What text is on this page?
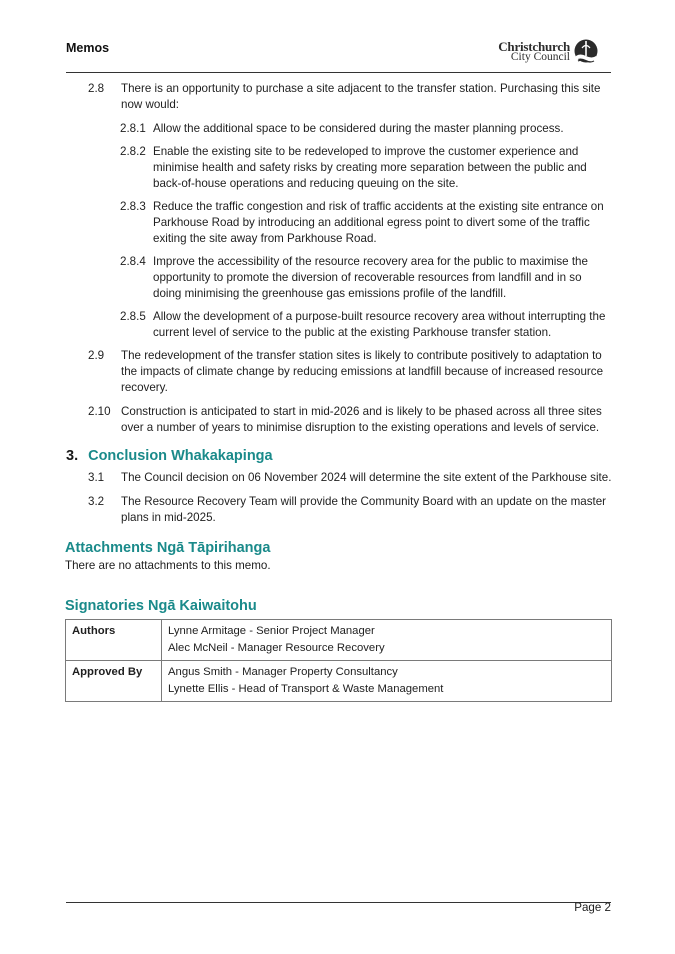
Memos	Christchurch
City Council
2.8 There is an opportunity to purchase a site adjacent to the transfer station. Purchasing this site now would:
2.8.1 Allow the additional space to be considered during the master planning process.
2.8.2 Enable the existing site to be redeveloped to improve the customer experience and minimise health and safety risks by creating more separation between the public and back-of-house operations and reducing queuing on the site.
2.8.3 Reduce the traffic congestion and risk of traffic accidents at the existing site entrance on Parkhouse Road by introducing an additional egress point to divert some of the traffic exiting the site away from Parkhouse Road.
2.8.4 Improve the accessibility of the resource recovery area for the public to maximise the opportunity to promote the diversion of recoverable resources from landfill and in so doing minimising the greenhouse gas emissions profile of the landfill.
2.8.5 Allow the development of a purpose-built resource recovery area without interrupting the current level of service to the public at the existing Parkhouse transfer station.
2.9 The redevelopment of the transfer station sites is likely to contribute positively to adaptation to the impacts of climate change by reducing emissions at landfill because of increased resource recovery.
2.10 Construction is anticipated to start in mid-2026 and is likely to be phased across all three sites over a number of years to minimise disruption to the existing operations and levels of service.
3. Conclusion Whakakapinga
3.1 The Council decision on 06 November 2024 will determine the site extent of the Parkhouse site.
3.2 The Resource Recovery Team will provide the Community Board with an update on the master plans in mid-2025.
Attachments Ngā Tāpirihanga
There are no attachments to this memo.
Signatories Ngā Kaiwaitohu
Authors	Lynne Armitage - Senior Project Manager
Alec McNeil - Manager Resource Recovery

Approved By	Angus Smith - Manager Property Consultancy
Lynette Ellis - Head of Transport & Waste Management
Page 2
